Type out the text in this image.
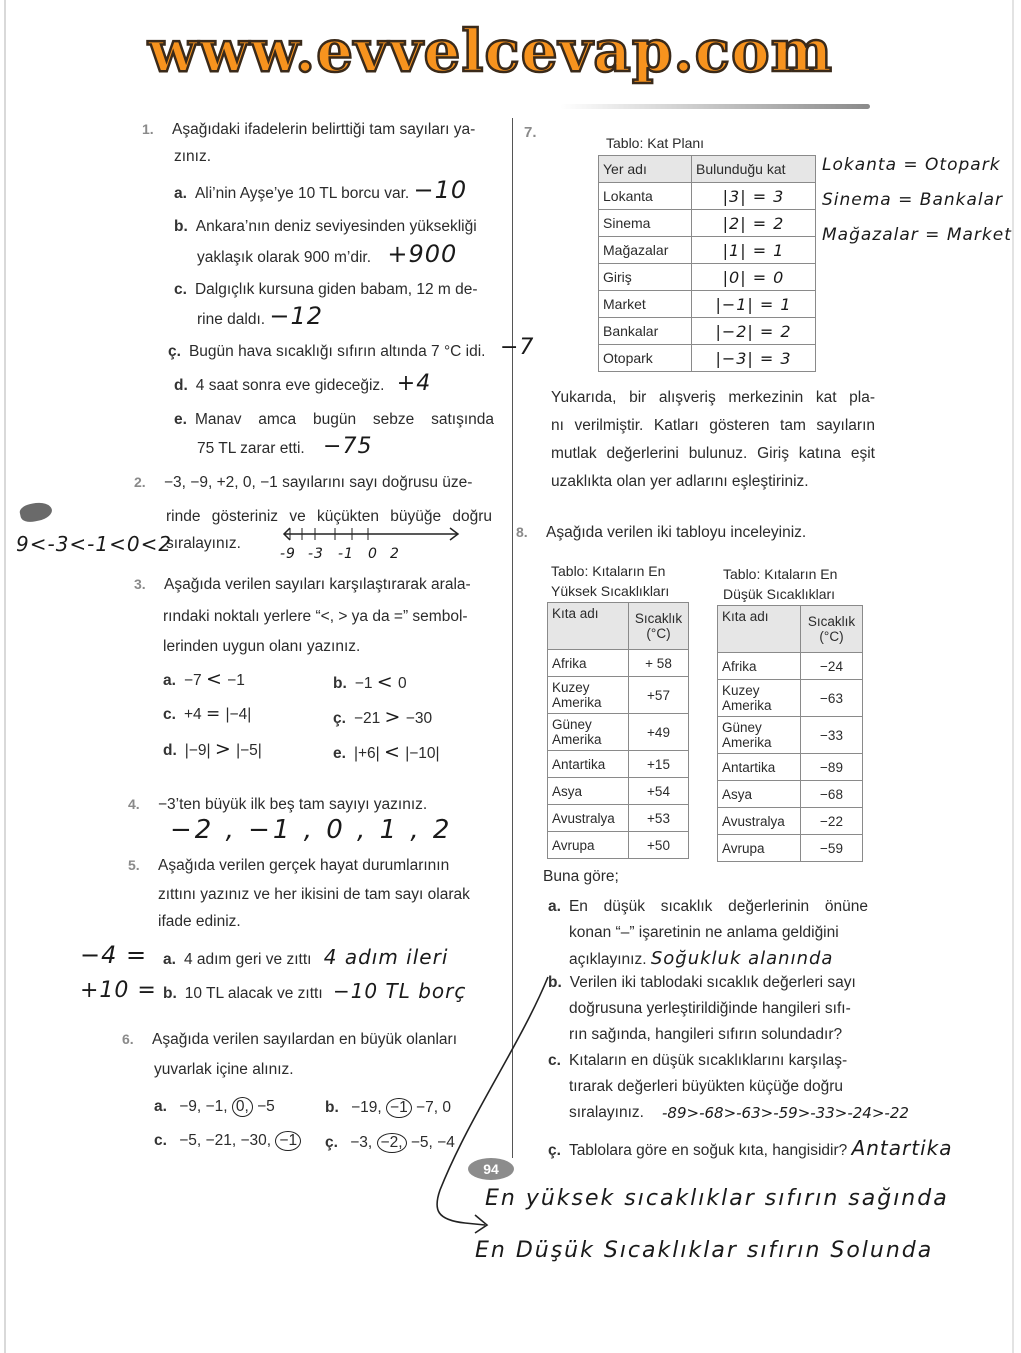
www.evvelcevap.com
1. Aşağıdaki ifadelerin belirttiği tam sayıları ya-
zınız.
a. Ali’nin Ayşe’ye 10 TL borcu var. −10
b. Ankara’nın deniz seviyesinden yüksekliği
yaklaşık olarak 900 m’dir. +900
c. Dalgıçlık kursuna giden babam, 12 m de-
rine daldı. −12
ç. Bugün hava sıcaklığı sıfırın altında 7 °C idi. −7
d. 4 saat sonra eve gideceğiz. +4
e. Manav amca bugün sebze satışında
75 TL zarar etti. −75
2. −3, −9, +2, 0, −1 sayılarını sayı doğrusu üze-
rinde gösteriniz ve küçükten büyüğe doğru
sıralayınız.
9<-3<-1<0<2	-9 -3 -1 0 2
3. Aşağıda verilen sayıları karşılaştırarak arala-
rındaki noktalı yerlere “<, > ya da =” sembol-
lerinden uygun olanı yazınız.
a. −7 < −1	b. −1 < 0
c. +4 = |−4|	ç. −21 > −30
d. |−9| > |−5|	e. |+6| < |−10|
4. −3’ten büyük ilk beş tam sayıyı yazınız.
−2 , −1 , 0 , 1 , 2
5. Aşağıda verilen gerçek hayat durumlarının
zıttını yazınız ve her ikisini de tam sayı olarak
ifade ediniz.
−4 = a. 4 adım geri ve zıttı 4 adım ileri
+10 = b. 10 TL alacak ve zıttı −10 TL borç
6. Aşağıda verilen sayılardan en büyük olanları
yuvarlak içine alınız.
a. −9, −1, 0, −5	b. −19, −1 −7, 0
c. −5, −21, −30, −1 ç. −3, −2, −5, −4
7.
Tablo: Kat Planı
Yer adı	Bulunduğu kat
Lokanta	|3| = 3
Sinema	|2| = 2
Mağazalar	|1| = 1
Giriş	|0| = 0
Market	|−1| = 1
Bankalar	|−2| = 2
Otopark	|−3| = 3
Lokanta = Otopark
Sinema = Bankalar
Mağazalar = Market
Yukarıda, bir alışveriş merkezinin kat pla-
nı verilmiştir. Katları gösteren tam sayıların
mutlak değerlerini bulunuz. Giriş katına eşit
uzaklıkta olan yer adlarını eşleştiriniz.
8. Aşağıda verilen iki tabloyu inceleyiniz.
Tablo: Kıtaların En
Yüksek Sıcaklıkları
Kıta adı	Sıcaklık
(°C)
Afrika	+ 58
Kuzey Amerika	+57
Güney Amerika	+49
Antartika	+15
Asya	+54
Avustralya	+53
Avrupa	+50
Tablo: Kıtaların En
Düşük Sıcaklıkları
Kıta adı	Sıcaklık
(°C)
Afrika	−24
Kuzey Amerika	−63
Güney Amerika	−33
Antartika	−89
Asya	−68
Avustralya	−22
Avrupa	−59
Buna göre;
a. En düşük sıcaklık değerlerinin önüne
konan “–” işaretinin ne anlama geldiğini
açıklayınız. Soğukluk alanında
b. Verilen iki tablodaki sıcaklık değerleri sayı
doğrusuna yerleştirildiğinde hangileri sıfı-
rın sağında, hangileri sıfırın solundadır?
c. Kıtaların en düşük sıcaklıklarını karşılaş-
tırarak değerleri büyükten küçüğe doğru
sıralayınız.	-89>-68>-63>-59>-33>-24>-22
ç. Tablolara göre en soğuk kıta, hangisidir? Antartika
94
En yüksek sıcaklıklar sıfırın sağında
En Düşük Sıcaklıklar sıfırın Solunda
